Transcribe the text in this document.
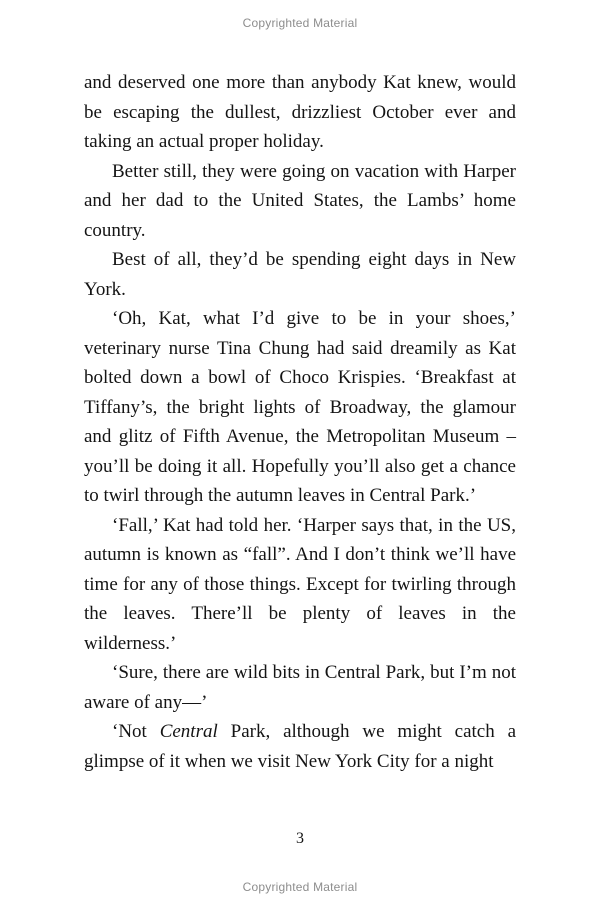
Copyrighted Material

and deserved one more than anybody Kat knew, would be escaping the dullest, drizzliest October ever and taking an actual proper holiday.

Better still, they were going on vacation with Harper and her dad to the United States, the Lambs’ home country.

Best of all, they’d be spending eight days in New York.

‘Oh, Kat, what I’d give to be in your shoes,’ veterinary nurse Tina Chung had said dreamily as Kat bolted down a bowl of Choco Krispies. ‘Breakfast at Tiffany’s, the bright lights of Broadway, the glamour and glitz of Fifth Avenue, the Metropolitan Museum – you’ll be doing it all. Hopefully you’ll also get a chance to twirl through the autumn leaves in Central Park.’

‘Fall,’ Kat had told her. ‘Harper says that, in the US, autumn is known as “fall”. And I don’t think we’ll have time for any of those things. Except for twirling through the leaves. There’ll be plenty of leaves in the wilderness.’

‘Sure, there are wild bits in Central Park, but I’m not aware of any—’

‘Not Central Park, although we might catch a glimpse of it when we visit New York City for a night

3
Copyrighted Material
